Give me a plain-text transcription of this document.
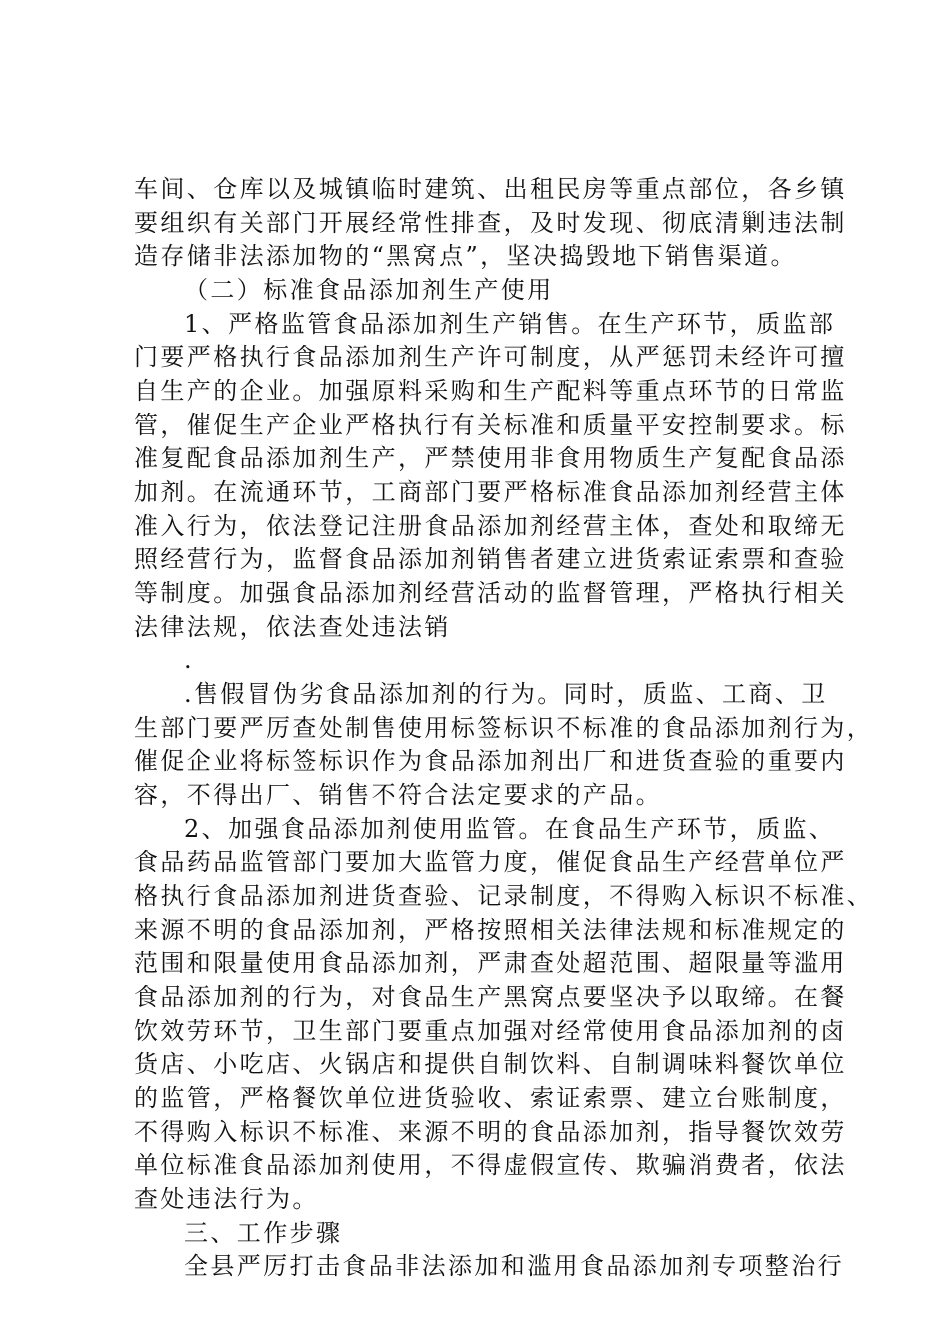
车间、仓库以及城镇临时建筑、出租民房等重点部位，各乡镇
要组织有关部门开展经常性排查，及时发现、彻底清剿违法制
造存储非法添加物的“黑窝点”，坚决捣毁地下销售渠道。
（二）标准食品添加剂生产使用
1、严格监管食品添加剂生产销售。在生产环节，质监部
门要严格执行食品添加剂生产许可制度，从严惩罚未经许可擅
自生产的企业。加强原料采购和生产配料等重点环节的日常监
管，催促生产企业严格执行有关标准和质量平安控制要求。标
准复配食品添加剂生产，严禁使用非食用物质生产复配食品添
加剂。在流通环节，工商部门要严格标准食品添加剂经营主体
准入行为，依法登记注册食品添加剂经营主体，查处和取缔无
照经营行为，监督食品添加剂销售者建立进货索证索票和查验
等制度。加强食品添加剂经营活动的监督管理，严格执行相关
法律法规，依法查处违法销
.
.售假冒伪劣食品添加剂的行为。同时，质监、工商、卫
生部门要严厉查处制售使用标签标识不标准的食品添加剂行为，
催促企业将标签标识作为食品添加剂出厂和进货查验的重要内
容，不得出厂、销售不符合法定要求的产品。
2、加强食品添加剂使用监管。在食品生产环节，质监、
食品药品监管部门要加大监管力度，催促食品生产经营单位严
格执行食品添加剂进货查验、记录制度，不得购入标识不标准、
来源不明的食品添加剂，严格按照相关法律法规和标准规定的
范围和限量使用食品添加剂，严肃查处超范围、超限量等滥用
食品添加剂的行为，对食品生产黑窝点要坚决予以取缔。在餐
饮效劳环节，卫生部门要重点加强对经常使用食品添加剂的卤
货店、小吃店、火锅店和提供自制饮料、自制调味料餐饮单位
的监管，严格餐饮单位进货验收、索证索票、建立台账制度，
不得购入标识不标准、来源不明的食品添加剂，指导餐饮效劳
单位标准食品添加剂使用，不得虚假宣传、欺骗消费者，依法
查处违法行为。
三、工作步骤
全县严厉打击食品非法添加和滥用食品添加剂专项整治行
